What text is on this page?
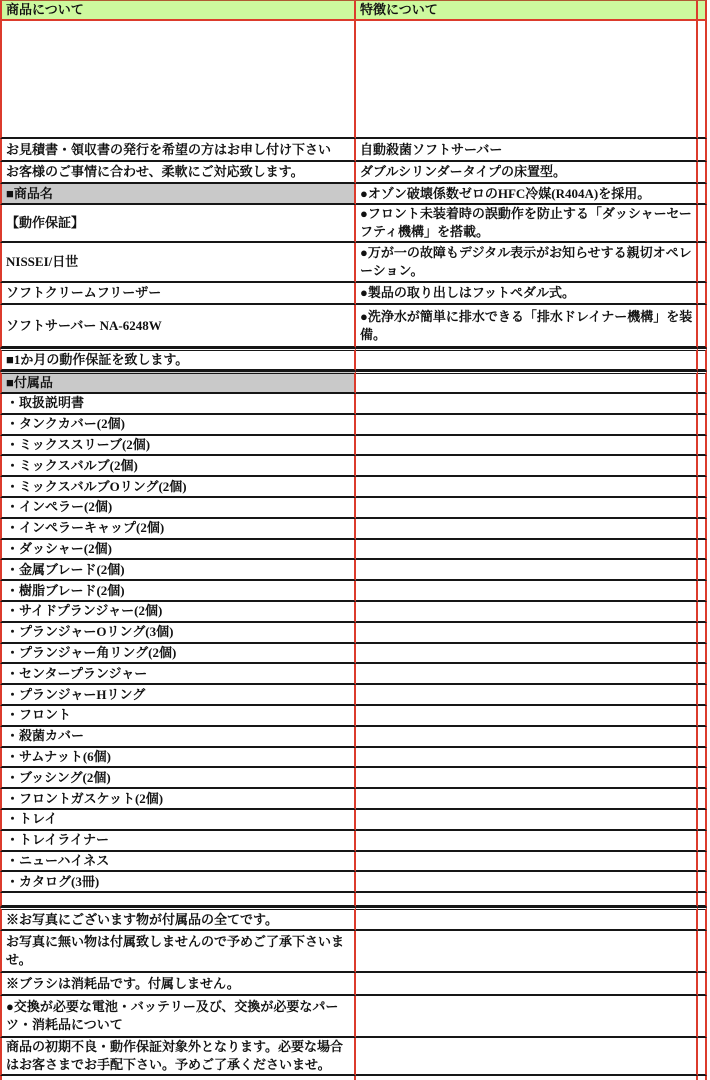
商品について	特徴について	

お見積書・領収書の発行を希望の方はお申し付け下さい	自動殺菌ソフトサーバー	
お客様のご事情に合わせ、柔軟にご対応致します。	ダブルシリンダータイプの床置型。	
■商品名	●オゾン破壊係数ゼロのHFC冷媒(R404A)を採用。	
【動作保証】	●フロント未装着時の誤動作を防止する「ダッシャーセーフティ機構」を搭載。	
NISSEI/日世	●万が一の故障もデジタル表示がお知らせする親切オペレーション。	
ソフトクリームフリーザー	●製品の取り出しはフットペダル式。	
ソフトサーバー NA-6248W	●洗浄水が簡単に排水できる「排水ドレイナー機構」を装備。	
■1か月の動作保証を致します。		
■付属品		
・取扱説明書		
・タンクカバー(2個)		
・ミックススリーブ(2個)		
・ミックスバルブ(2個)		
・ミックスバルブOリング(2個)		
・インペラー(2個)		
・インペラーキャップ(2個)		
・ダッシャー(2個)		
・金属ブレード(2個)		
・樹脂ブレード(2個)		
・サイドプランジャー(2個)		
・プランジャーOリング(3個)		
・プランジャー角リング(2個)		
・センタープランジャー		
・プランジャーHリング		
・フロント		
・殺菌カバー		
・サムナット(6個)		
・ブッシング(2個)		
・フロントガスケット(2個)		
・トレイ		
・トレイライナー		
・ニューハイネス		
・カタログ(3冊)		

※お写真にございます物が付属品の全てです。		
お写真に無い物は付属致しませんので予めご了承下さいませ。		
※ブラシは消耗品です。付属しません。		
●交換が必要な電池・バッテリー及び、交換が必要なパーツ・消耗品について		
商品の初期不良・動作保証対象外となります。必要な場合はお客さまでお手配下さい。予めご了承くださいませ。		
